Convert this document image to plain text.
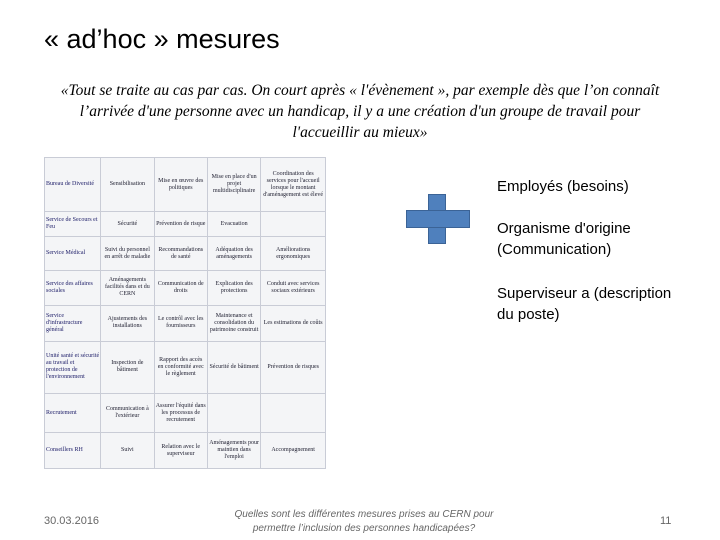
« ad’hoc » mesures
«Tout se traite au cas par cas. On court après « l'évènement », par exemple dès que l’on connaît l’arrivée d'une personne avec un handicap, il y a une création d'un groupe de travail pour l'accueillir au mieux»
Bureau de Diversité	Sensibilisation	Mise en œuvre des politiques	Mise en place d'un projet multidisciplinaire	Coordination des services pour l'accueil lorsque le montant d'aménagement est élevé
Service de Secours et Feu	Sécurité	Prévention de risque	Evacuation	
Service Médical	Suivi du personnel en arrêt de maladie	Recommandations de santé	Adéquation des aménagements	Améliorations ergonomiques
Service des affaires sociales	Aménagements facilités dans et du CERN	Communication de droits	Explication des protections	Conduit avec services sociaux extérieurs
Service d'infrastructure général	Ajustements des installations	Le contrôl avec les fournisseurs	Maintenance et consolidation du patrimoine construit	Les estimations de coûts
Unité santé et sécurité au travail et protection de l'environnement	Inspection de bâtiment	Rapport des accès en conformité avec le règlement	Sécurité de bâtiment	Prévention de risques
Recrutement	Communication à l'extérieur	Assurer l'équité dans les processus de recrutement		
Conseillers RH	Suivi	Relation avec le superviseur	Aménagements pour maintien dans l'emploi	Accompagnement
Employés (besoins)
Organisme d'origine (Communication)
Superviseur a (description du poste)
30.03.2016
Quelles sont les différentes mesures prises au CERN pour permettre l’inclusion des personnes handicapées?
11
